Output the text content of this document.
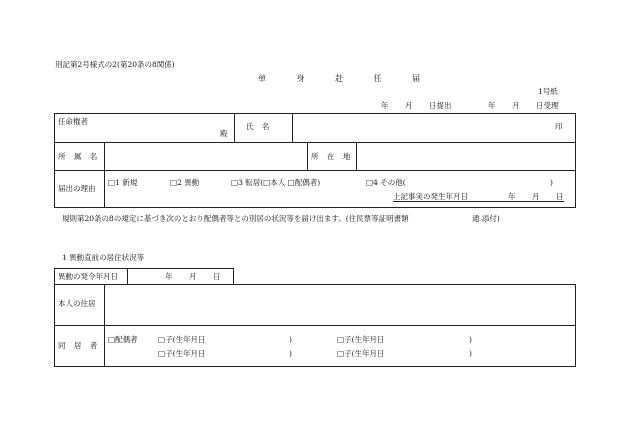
別記第2号様式の2(第20条の8関係)
単 身 赴 任 届
1号紙
年 月 日提出	年 月 日受理
任命権者
殿
氏 名	印
所 属 名	所 在 地
届出の理由
□1 新規	□2 異動	□3 転居(□本人 □配偶者)	□4 その他(	)
上記事実の発生年月日	年 月 日
規則第20条の8の規定に基づき次のとおり配偶者等との別居の状況等を届け出ます。(住民票等証明書類	通 添付)
1 異動直前の居住状況等
異動の発令年月日	年 月 日
本人の住居
同 居 者
□配偶者	□子(生年月日	)	□子(生年月日	)
□子(生年月日	)	□子(生年月日	)
